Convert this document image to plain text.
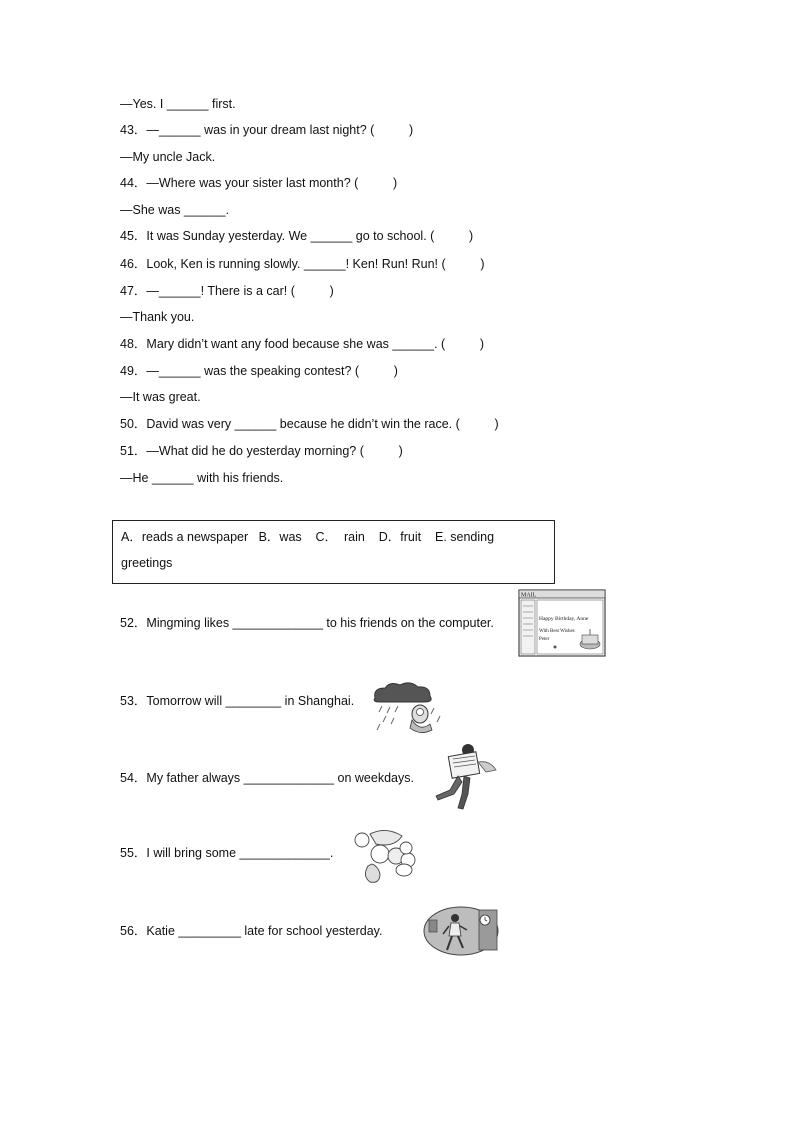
—Yes. I ______ first.
43．—______ was in your dream last night? (          )
—My uncle Jack.
44．—Where was your sister last month? (          )
—She was ______.
45．It was Sunday yesterday. We ______ go to school. (          )
46．Look, Ken is running slowly. ______! Ken! Run! Run! (          )
47．—______! There is a car! (          )
—Thank you.
48．Mary didn’t want any food because she was ______. (          )
49．—______ was the speaking contest? (          )
—It was great.
50．David was very ______ because he didn’t win the race. (          )
51．—What did he do yesterday morning? (          )
—He ______ with his friends.
A．reads a newspaper   B．was    C．  rain    D．fruit    E. sending
greetings
52．Mingming likes _____________ to his friends on the computer.
53．Tomorrow will ________ in Shanghai.
54．My father always _____________ on weekdays.
55．I will bring some _____________.
56．Katie _________ late for school yesterday.
MAIL
Happy Birthday, Anne
With Best Wishes
Peter
